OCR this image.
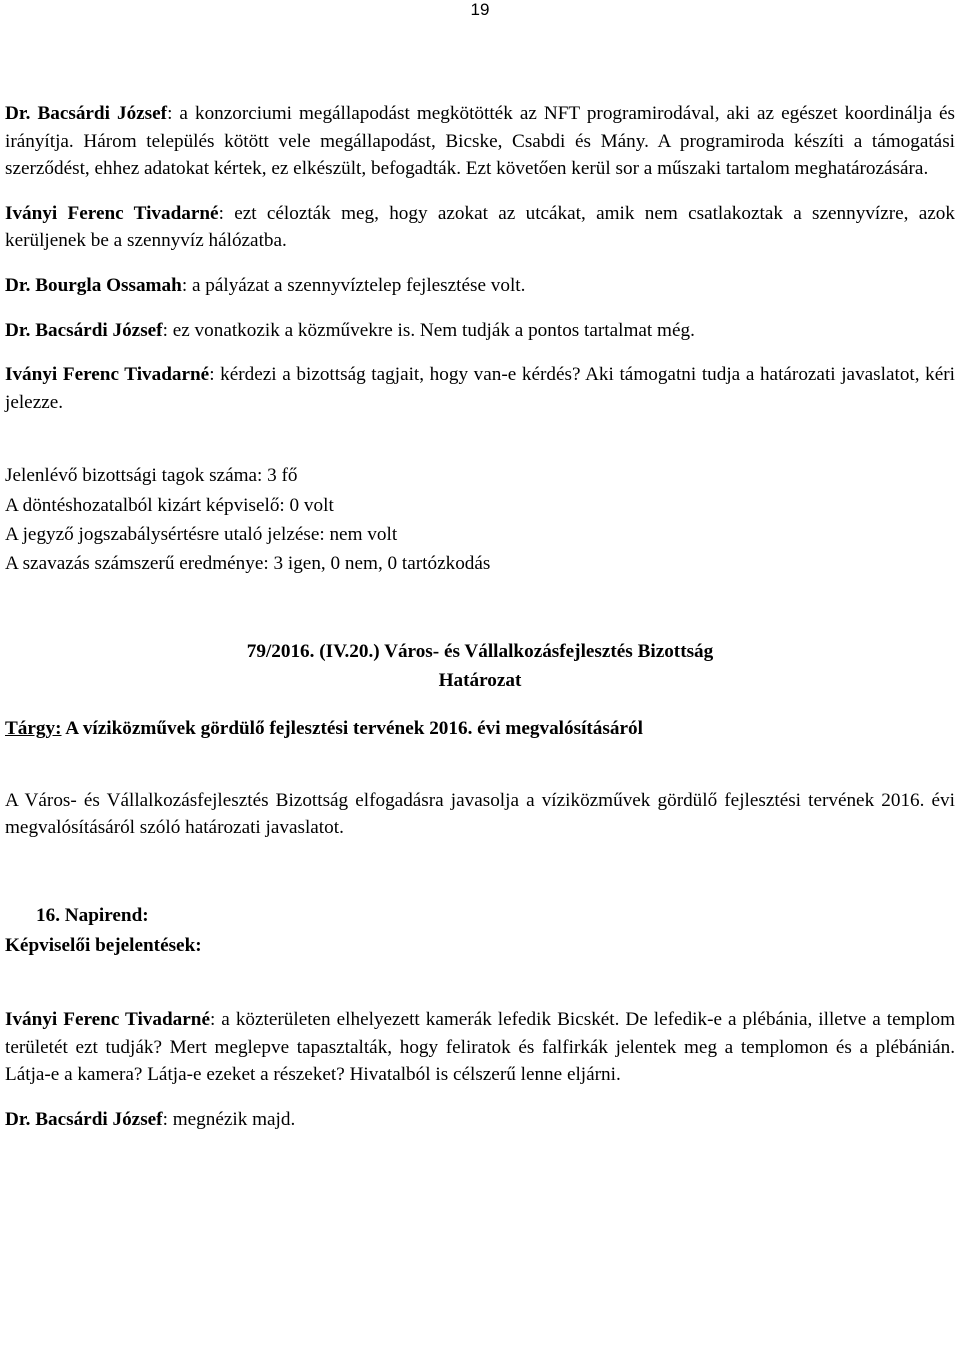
19

Dr. Bacsárdi József: a konzorciumi megállapodást megkötötték az NFT programirodával, aki az egészet koordinálja és irányítja. Három település kötött vele megállapodást, Bicske, Csabdi és Mány. A programiroda készíti a támogatási szerződést, ehhez adatokat kértek, ez elkészült, befogadták. Ezt követően kerül sor a műszaki tartalom meghatározására.

Iványi Ferenc Tivadarné: ezt célozták meg, hogy azokat az utcákat, amik nem csatlakoztak a szennyvízre, azok kerüljenek be a szennyvíz hálózatba.

Dr. Bourgla Ossamah: a pályázat a szennyvíztelep fejlesztése volt.

Dr. Bacsárdi József: ez vonatkozik a közművekre is. Nem tudják a pontos tartalmat még.

Iványi Ferenc Tivadarné: kérdezi a bizottság tagjait, hogy van-e kérdés? Aki támogatni tudja a határozati javaslatot, kéri jelezze.

Jelenlévő bizottsági tagok száma: 3 fő
A döntéshozatalból kizárt képviselő: 0 volt
A jegyző jogszabálysértésre utaló jelzése: nem volt
A szavazás számszerű eredménye: 3 igen, 0 nem, 0 tartózkodás
79/2016. (IV.20.) Város- és Vállalkozásfejlesztés Bizottság
Határozat
Tárgy: A víziközművek gördülő fejlesztési tervének 2016. évi megvalósításáról

A Város- és Vállalkozásfejlesztés Bizottság elfogadásra javasolja a víziközművek gördülő fejlesztési tervének 2016. évi megvalósításáról szóló határozati javaslatot.

16. Napirend:
Képviselői bejelentések:

Iványi Ferenc Tivadarné: a közterületen elhelyezett kamerák lefedik Bicskét. De lefedik-e a plébánia, illetve a templom területét ezt tudják? Mert meglepve tapasztalták, hogy feliratok és falfirkák jelentek meg a templomon és a plébánián. Látja-e a kamera? Látja-e ezeket a részeket? Hivatalból is célszerű lenne eljárni.

Dr. Bacsárdi József: megnézik majd.
